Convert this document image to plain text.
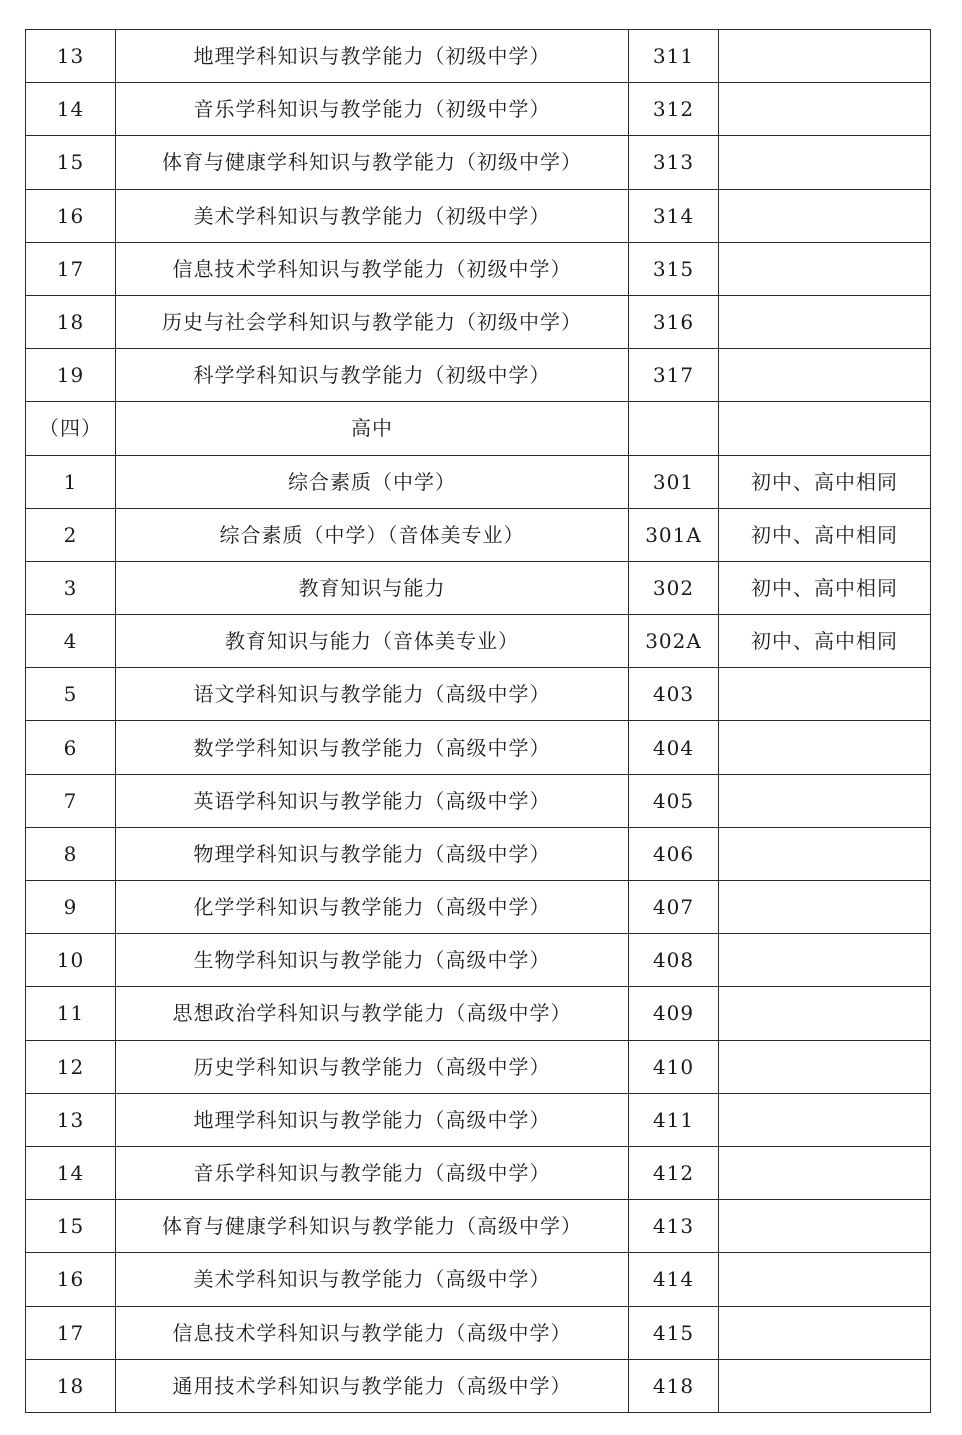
13	地理学科知识与教学能力（初级中学）	311	
14	音乐学科知识与教学能力（初级中学）	312	
15	体育与健康学科知识与教学能力（初级中学）	313	
16	美术学科知识与教学能力（初级中学）	314	
17	信息技术学科知识与教学能力（初级中学）	315	
18	历史与社会学科知识与教学能力（初级中学）	316	
19	科学学科知识与教学能力（初级中学）	317	
（四）	高中		
1	综合素质（中学）	301	初中、高中相同
2	综合素质（中学）（音体美专业）	301A	初中、高中相同
3	教育知识与能力	302	初中、高中相同
4	教育知识与能力（音体美专业）	302A	初中、高中相同
5	语文学科知识与教学能力（高级中学）	403	
6	数学学科知识与教学能力（高级中学）	404	
7	英语学科知识与教学能力（高级中学）	405	
8	物理学科知识与教学能力（高级中学）	406	
9	化学学科知识与教学能力（高级中学）	407	
10	生物学科知识与教学能力（高级中学）	408	
11	思想政治学科知识与教学能力（高级中学）	409	
12	历史学科知识与教学能力（高级中学）	410	
13	地理学科知识与教学能力（高级中学）	411	
14	音乐学科知识与教学能力（高级中学）	412	
15	体育与健康学科知识与教学能力（高级中学）	413	
16	美术学科知识与教学能力（高级中学）	414	
17	信息技术学科知识与教学能力（高级中学）	415	
18	通用技术学科知识与教学能力（高级中学）	418	
